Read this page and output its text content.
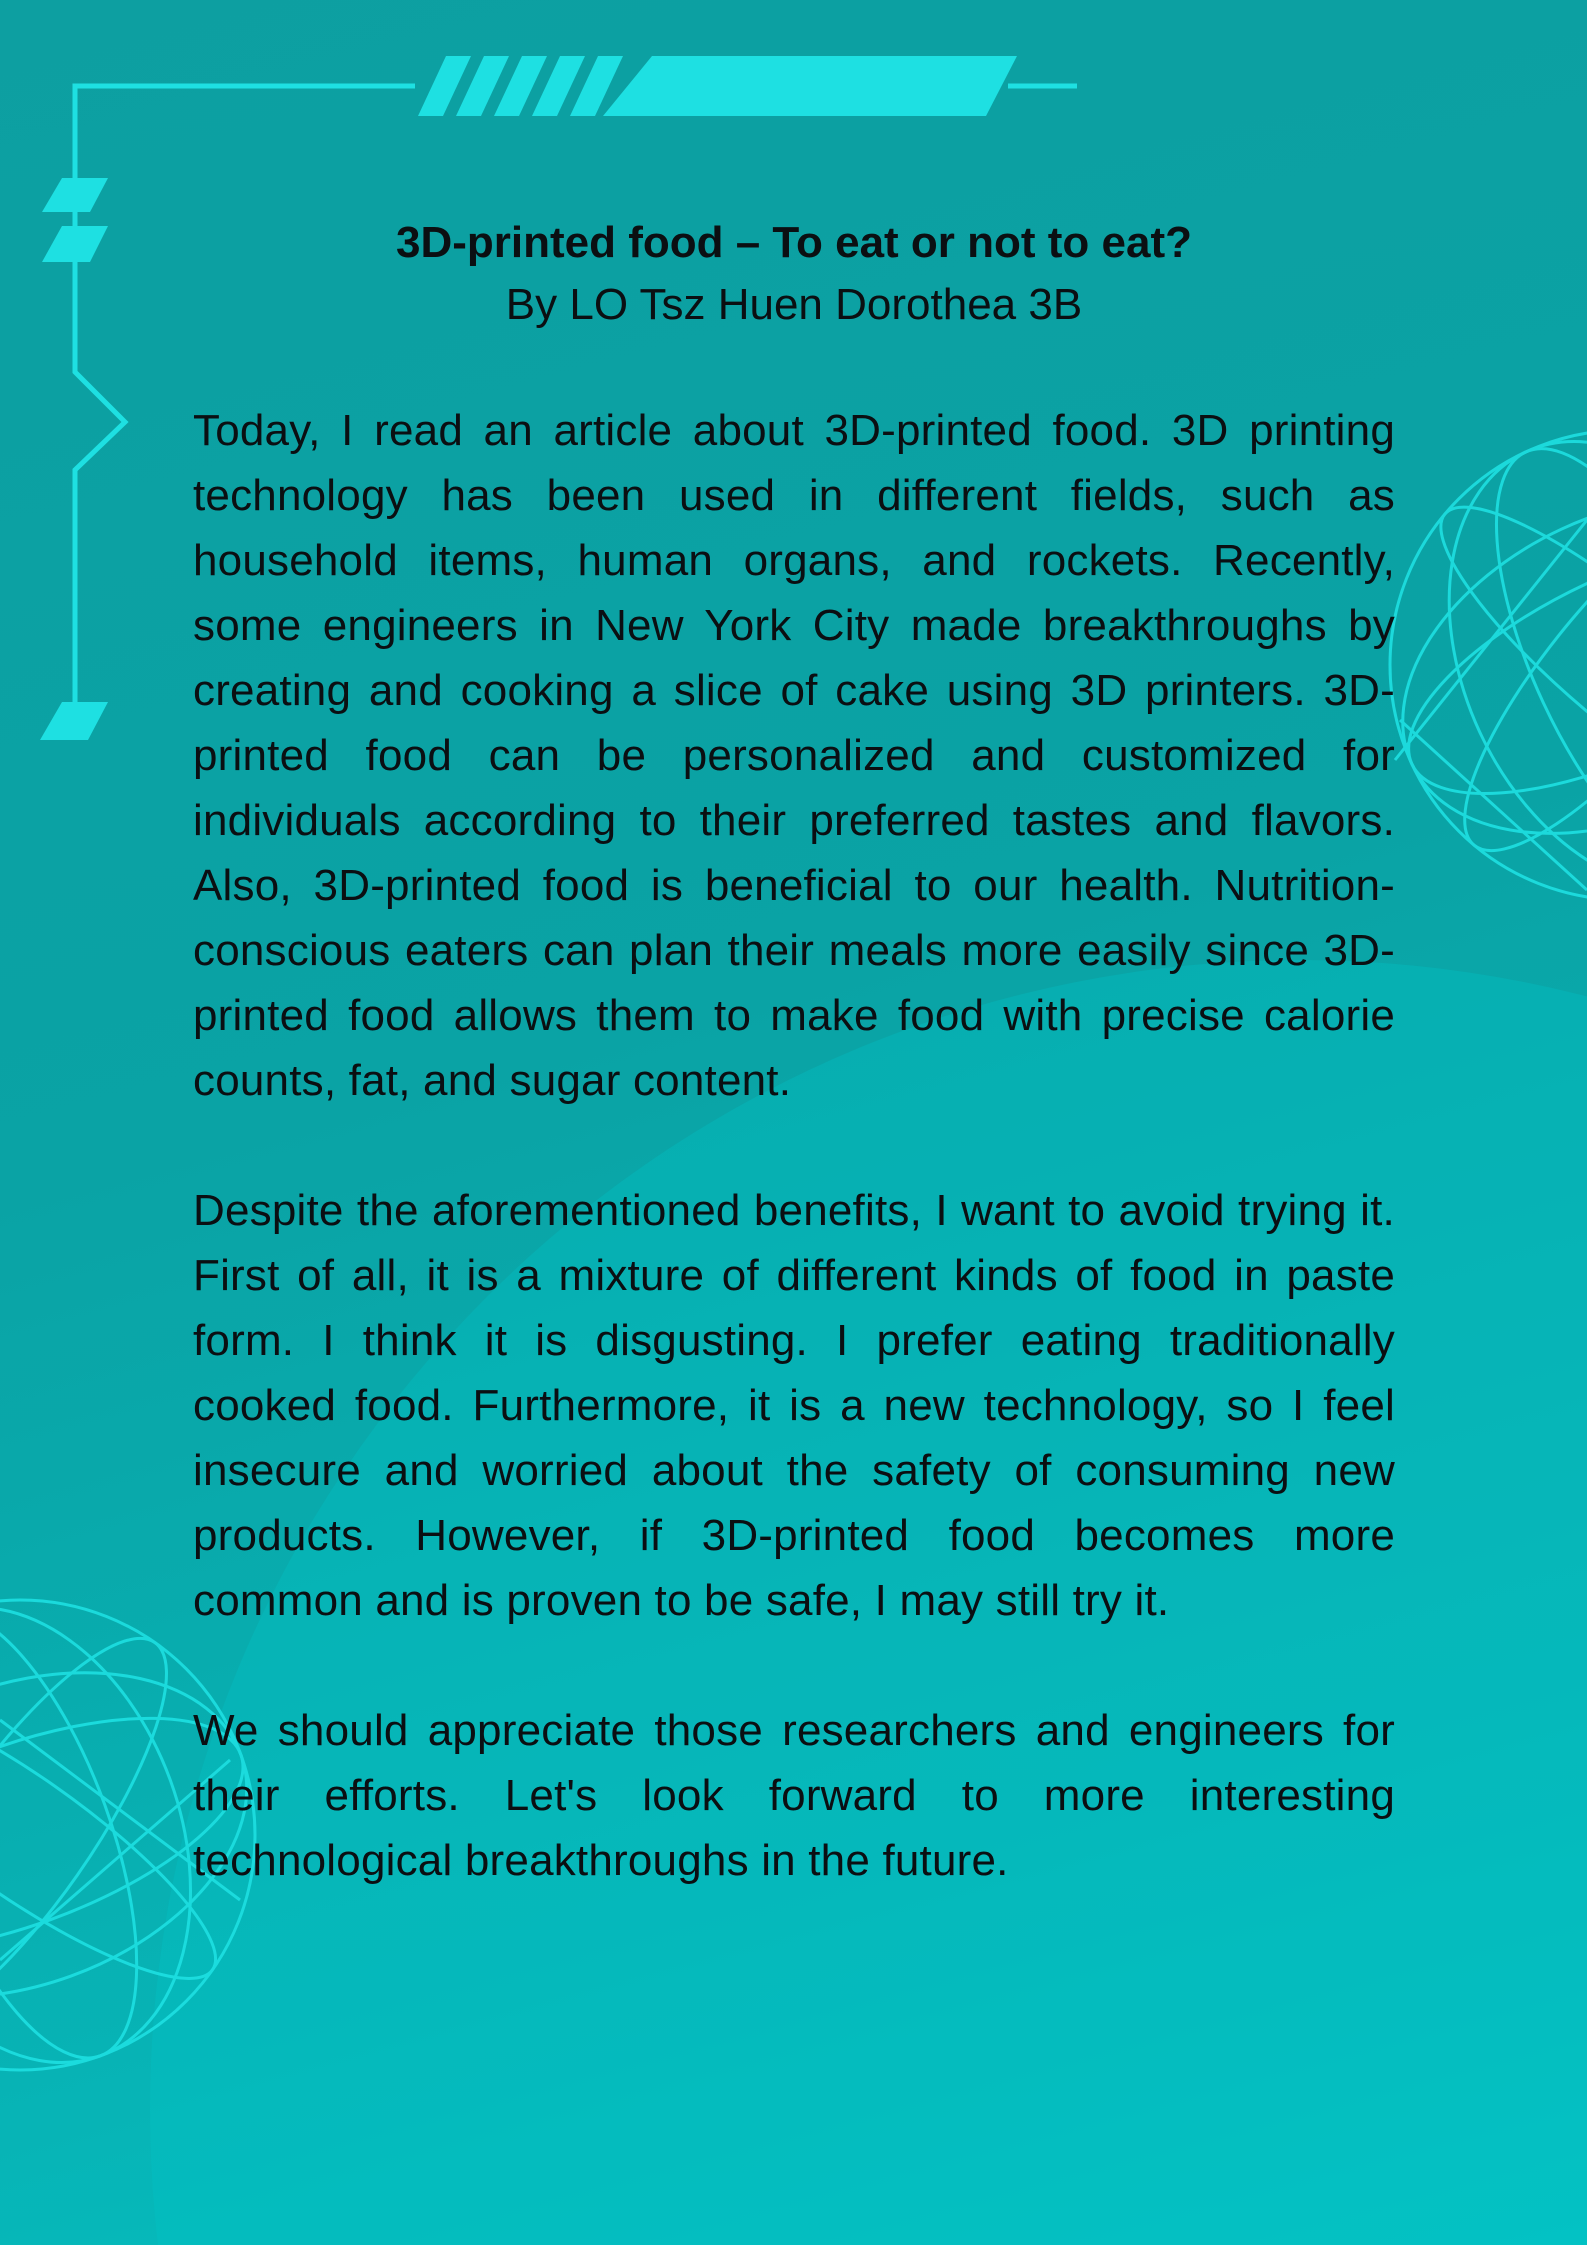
3D-printed food – To eat or not to eat?

By LO Tsz Huen Dorothea 3B

Today, I read an article about 3D-printed food. 3D printing technology has been used in different fields, such as household items, human organs, and rockets. Recently, some engineers in New York City made breakthroughs by creating and cooking a slice of cake using 3D printers. 3D-printed food can be personalized and customized for individuals according to their preferred tastes and flavors. Also, 3D-printed food is beneficial to our health. Nutrition-conscious eaters can plan their meals more easily since 3D-printed food allows them to make food with precise calorie counts, fat, and sugar content.

Despite the aforementioned benefits, I want to avoid trying it. First of all, it is a mixture of different kinds of food in paste form. I think it is disgusting. I prefer eating traditionally cooked food. Furthermore, it is a new technology, so I feel insecure and worried about the safety of consuming new products. However, if 3D-printed food becomes more common and is proven to be safe, I may still try it.

We should appreciate those researchers and engineers for their efforts. Let's look forward to more interesting technological breakthroughs in the future.
